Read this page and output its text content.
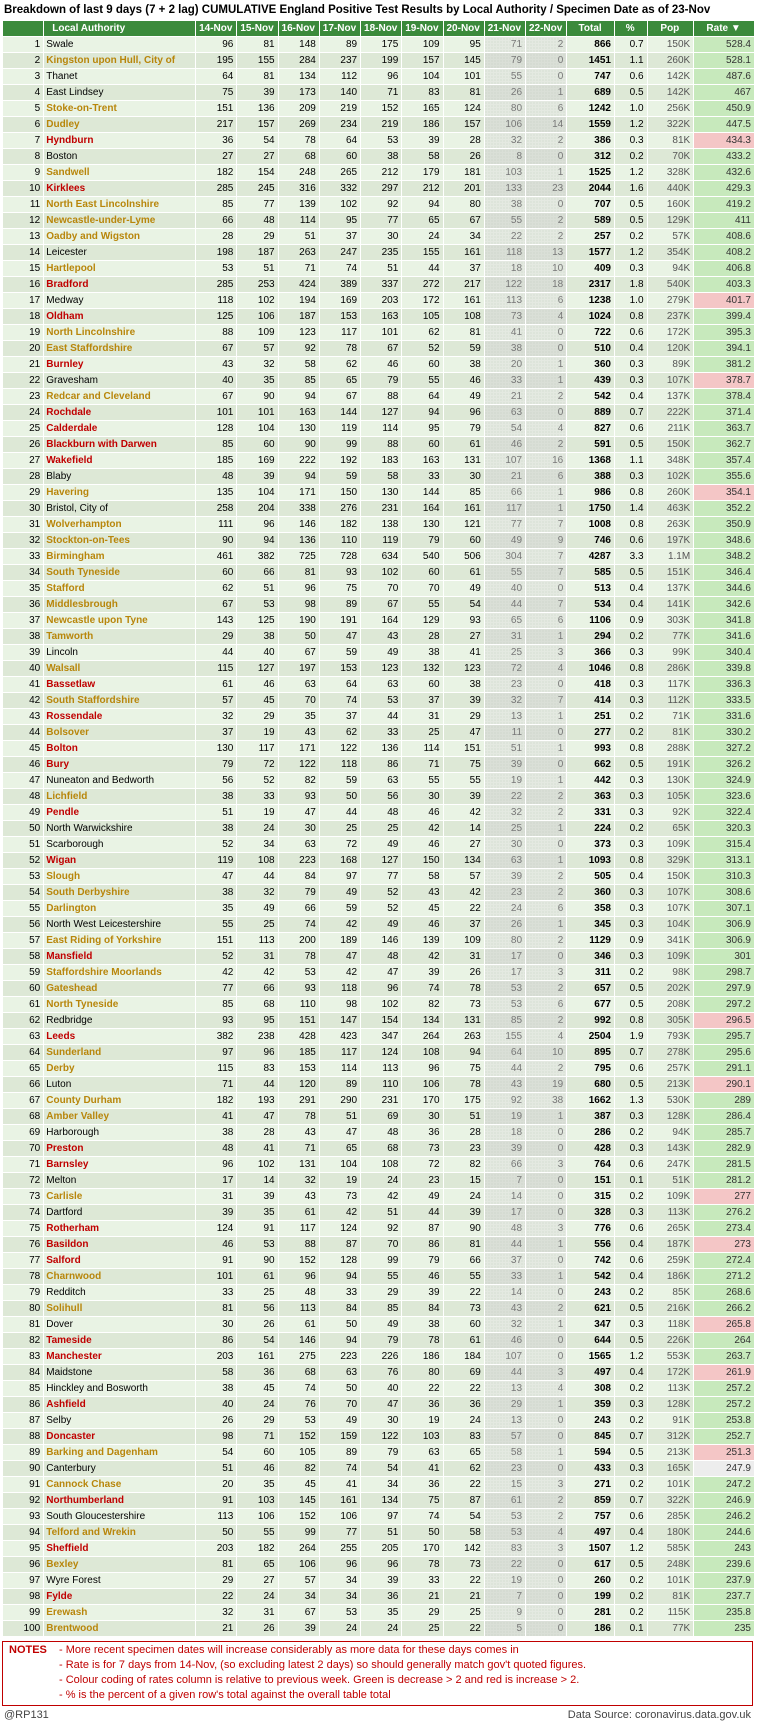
Breakdown of last 9 days (7 + 2 lag) CUMULATIVE England Positive Test Results by Local Authority / Specimen Date as of 23-Nov
	Local Authority	14-Nov	15-Nov	16-Nov	17-Nov	18-Nov	19-Nov	20-Nov	21-Nov	22-Nov	Total	%	Pop	Rate ▼
1	Swale	96	81	148	89	175	109	95	71	2	866	0.7	150K	528.4
2	Kingston upon Hull, City of	195	155	284	237	199	157	145	79	0	1451	1.1	260K	528.1
3	Thanet	64	81	134	112	96	104	101	55	0	747	0.6	142K	487.6
4	East Lindsey	75	39	173	140	71	83	81	26	1	689	0.5	142K	467
5	Stoke-on-Trent	151	136	209	219	152	165	124	80	6	1242	1.0	256K	450.9
6	Dudley	217	157	269	234	219	186	157	106	14	1559	1.2	322K	447.5
7	Hyndburn	36	54	78	64	53	39	28	32	2	386	0.3	81K	434.3
8	Boston	27	27	68	60	38	58	26	8	0	312	0.2	70K	433.2
9	Sandwell	182	154	248	265	212	179	181	103	1	1525	1.2	328K	432.6
10	Kirklees	285	245	316	332	297	212	201	133	23	2044	1.6	440K	429.3
11	North East Lincolnshire	85	77	139	102	92	94	80	38	0	707	0.5	160K	419.2
12	Newcastle-under-Lyme	66	48	114	95	77	65	67	55	2	589	0.5	129K	411
13	Oadby and Wigston	28	29	51	37	30	24	34	22	2	257	0.2	57K	408.6
14	Leicester	198	187	263	247	235	155	161	118	13	1577	1.2	354K	408.2
15	Hartlepool	53	51	71	74	51	44	37	18	10	409	0.3	94K	406.8
16	Bradford	285	253	424	389	337	272	217	122	18	2317	1.8	540K	403.3
17	Medway	118	102	194	169	203	172	161	113	6	1238	1.0	279K	401.7
18	Oldham	125	106	187	153	163	105	108	73	4	1024	0.8	237K	399.4
19	North Lincolnshire	88	109	123	117	101	62	81	41	0	722	0.6	172K	395.3
20	East Staffordshire	67	57	92	78	67	52	59	38	0	510	0.4	120K	394.1
21	Burnley	43	32	58	62	46	60	38	20	1	360	0.3	89K	381.2
22	Gravesham	40	35	85	65	79	55	46	33	1	439	0.3	107K	378.7
23	Redcar and Cleveland	67	90	94	67	88	64	49	21	2	542	0.4	137K	378.4
24	Rochdale	101	101	163	144	127	94	96	63	0	889	0.7	222K	371.4
25	Calderdale	128	104	130	119	114	95	79	54	4	827	0.6	211K	363.7
26	Blackburn with Darwen	85	60	90	99	88	60	61	46	2	591	0.5	150K	362.7
27	Wakefield	185	169	222	192	183	163	131	107	16	1368	1.1	348K	357.4
28	Blaby	48	39	94	59	58	33	30	21	6	388	0.3	102K	355.6
29	Havering	135	104	171	150	130	144	85	66	1	986	0.8	260K	354.1
30	Bristol, City of	258	204	338	276	231	164	161	117	1	1750	1.4	463K	352.2
31	Wolverhampton	111	96	146	182	138	130	121	77	7	1008	0.8	263K	350.9
32	Stockton-on-Tees	90	94	136	110	119	79	60	49	9	746	0.6	197K	348.6
33	Birmingham	461	382	725	728	634	540	506	304	7	4287	3.3	1.1M	348.2
34	South Tyneside	60	66	81	93	102	60	61	55	7	585	0.5	151K	346.4
35	Stafford	62	51	96	75	70	70	49	40	0	513	0.4	137K	344.6
36	Middlesbrough	67	53	98	89	67	55	54	44	7	534	0.4	141K	342.6
37	Newcastle upon Tyne	143	125	190	191	164	129	93	65	6	1106	0.9	303K	341.8
38	Tamworth	29	38	50	47	43	28	27	31	1	294	0.2	77K	341.6
39	Lincoln	44	40	67	59	49	38	41	25	3	366	0.3	99K	340.4
40	Walsall	115	127	197	153	123	132	123	72	4	1046	0.8	286K	339.8
41	Bassetlaw	61	46	63	64	63	60	38	23	0	418	0.3	117K	336.3
42	South Staffordshire	57	45	70	74	53	37	39	32	7	414	0.3	112K	333.5
43	Rossendale	32	29	35	37	44	31	29	13	1	251	0.2	71K	331.6
44	Bolsover	37	19	43	62	33	25	47	11	0	277	0.2	81K	330.2
45	Bolton	130	117	171	122	136	114	151	51	1	993	0.8	288K	327.2
46	Bury	79	72	122	118	86	71	75	39	0	662	0.5	191K	326.2
47	Nuneaton and Bedworth	56	52	82	59	63	55	55	19	1	442	0.3	130K	324.9
48	Lichfield	38	33	93	50	56	30	39	22	2	363	0.3	105K	323.6
49	Pendle	51	19	47	44	48	46	42	32	2	331	0.3	92K	322.4
50	North Warwickshire	38	24	30	25	25	42	14	25	1	224	0.2	65K	320.3
51	Scarborough	52	34	63	72	49	46	27	30	0	373	0.3	109K	315.4
52	Wigan	119	108	223	168	127	150	134	63	1	1093	0.8	329K	313.1
53	Slough	47	44	84	97	77	58	57	39	2	505	0.4	150K	310.3
54	South Derbyshire	38	32	79	49	52	43	42	23	2	360	0.3	107K	308.6
55	Darlington	35	49	66	59	52	45	22	24	6	358	0.3	107K	307.1
56	North West Leicestershire	55	25	74	42	49	46	37	26	1	345	0.3	104K	306.9
57	East Riding of Yorkshire	151	113	200	189	146	139	109	80	2	1129	0.9	341K	306.9
58	Mansfield	52	31	78	47	48	42	31	17	0	346	0.3	109K	301
59	Staffordshire Moorlands	42	42	53	42	47	39	26	17	3	311	0.2	98K	298.7
60	Gateshead	77	66	93	118	96	74	78	53	2	657	0.5	202K	297.9
61	North Tyneside	85	68	110	98	102	82	73	53	6	677	0.5	208K	297.2
62	Redbridge	93	95	151	147	154	134	131	85	2	992	0.8	305K	296.5
63	Leeds	382	238	428	423	347	264	263	155	4	2504	1.9	793K	295.7
64	Sunderland	97	96	185	117	124	108	94	64	10	895	0.7	278K	295.6
65	Derby	115	83	153	114	113	96	75	44	2	795	0.6	257K	291.1
66	Luton	71	44	120	89	110	106	78	43	19	680	0.5	213K	290.1
67	County Durham	182	193	291	290	231	170	175	92	38	1662	1.3	530K	289
68	Amber Valley	41	47	78	51	69	30	51	19	1	387	0.3	128K	286.4
69	Harborough	38	28	43	47	48	36	28	18	0	286	0.2	94K	285.7
70	Preston	48	41	71	65	68	73	23	39	0	428	0.3	143K	282.9
71	Barnsley	96	102	131	104	108	72	82	66	3	764	0.6	247K	281.5
72	Melton	17	14	32	19	24	23	15	7	0	151	0.1	51K	281.2
73	Carlisle	31	39	43	73	42	49	24	14	0	315	0.2	109K	277
74	Dartford	39	35	61	42	51	44	39	17	0	328	0.3	113K	276.2
75	Rotherham	124	91	117	124	92	87	90	48	3	776	0.6	265K	273.4
76	Basildon	46	53	88	87	70	86	81	44	1	556	0.4	187K	273
77	Salford	91	90	152	128	99	79	66	37	0	742	0.6	259K	272.4
78	Charnwood	101	61	96	94	55	46	55	33	1	542	0.4	186K	271.2
79	Redditch	33	25	48	33	29	39	22	14	0	243	0.2	85K	268.6
80	Solihull	81	56	113	84	85	84	73	43	2	621	0.5	216K	266.2
81	Dover	30	26	61	50	49	38	60	32	1	347	0.3	118K	265.8
82	Tameside	86	54	146	94	79	78	61	46	0	644	0.5	226K	264
83	Manchester	203	161	275	223	226	186	184	107	0	1565	1.2	553K	263.7
84	Maidstone	58	36	68	63	76	80	69	44	3	497	0.4	172K	261.9
85	Hinckley and Bosworth	38	45	74	50	40	22	22	13	4	308	0.2	113K	257.2
86	Ashfield	40	24	76	70	47	36	36	29	1	359	0.3	128K	257.2
87	Selby	26	29	53	49	30	19	24	13	0	243	0.2	91K	253.8
88	Doncaster	98	71	152	159	122	103	83	57	0	845	0.7	312K	252.7
89	Barking and Dagenham	54	60	105	89	79	63	65	58	1	594	0.5	213K	251.3
90	Canterbury	51	46	82	74	54	41	62	23	0	433	0.3	165K	247.9
91	Cannock Chase	20	35	45	41	34	36	22	15	3	271	0.2	101K	247.2
92	Northumberland	91	103	145	161	134	75	87	61	2	859	0.7	322K	246.9
93	South Gloucestershire	113	106	152	106	97	74	54	53	2	757	0.6	285K	246.2
94	Telford and Wrekin	50	55	99	77	51	50	58	53	4	497	0.4	180K	244.6
95	Sheffield	203	182	264	255	205	170	142	83	3	1507	1.2	585K	243
96	Bexley	81	65	106	96	96	78	73	22	0	617	0.5	248K	239.6
97	Wyre Forest	29	27	57	34	39	33	22	19	0	260	0.2	101K	237.9
98	Fylde	22	24	34	34	36	21	21	7	0	199	0.2	81K	237.7
99	Erewash	32	31	67	53	35	29	25	9	0	281	0.2	115K	235.8
100	Brentwood	21	26	39	24	24	25	22	5	0	186	0.1	77K	235
NOTES	- More recent specimen dates will increase considerably as more data for these days comes in
- Rate is for 7 days from 14-Nov, (so excluding latest 2 days) so should generally match gov't quoted figures.
- Colour coding of rates column is relative to previous week. Green is decrease > 2 and red is increase > 2.
- % is the percent of a given row's total against the overall table total
@RP131	Data Source: coronavirus.data.gov.uk
